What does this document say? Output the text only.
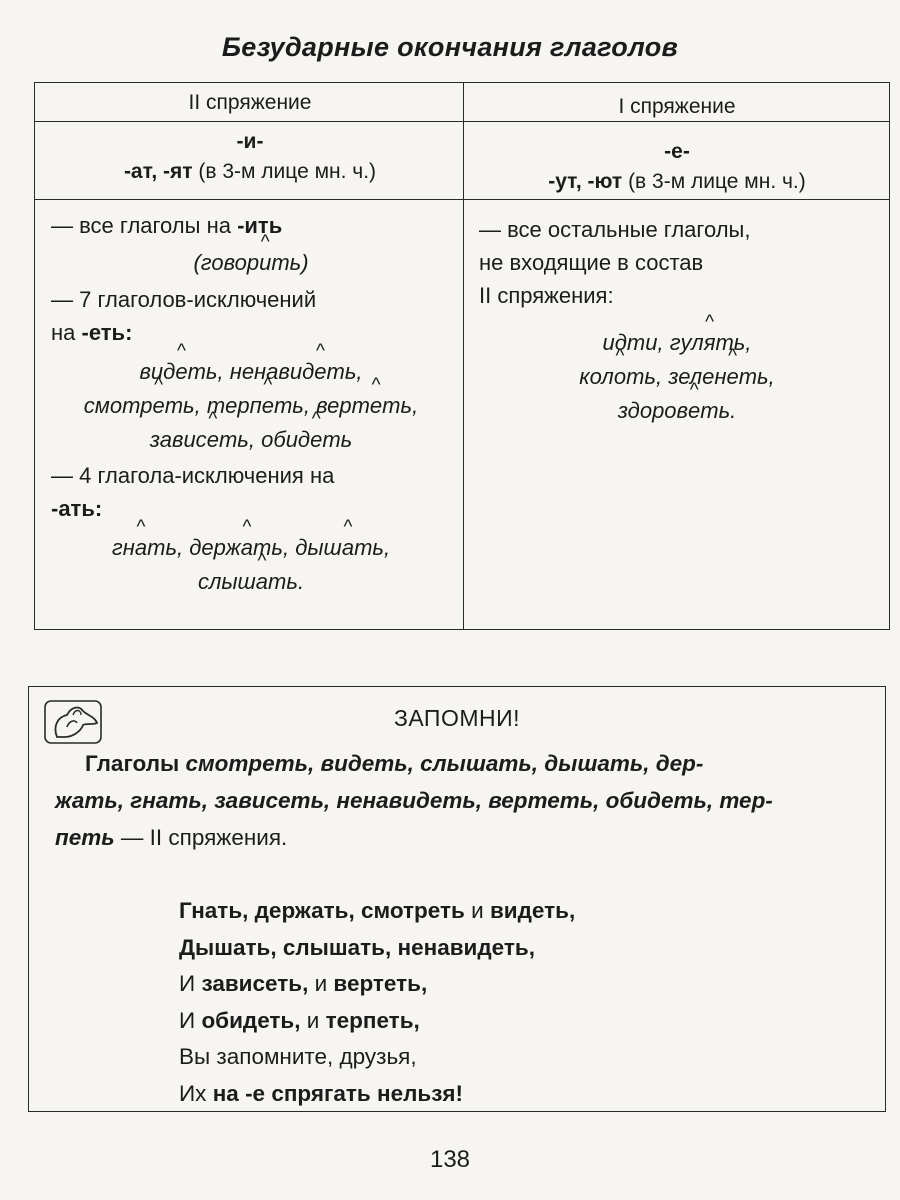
Безударные окончания глаголов
II спряжение	I спряжение
-и-
-ат, -ят (в 3-м лице мн. ч.)
-е-
-ут, -ют (в 3-м лице мн. ч.)
— все глаголы на -ить
(говор^ ить)
— 7 глаголов-исключений
на -еть:
вид^ еть, ненавид^ еть,
смотр^ еть, терп^ еть, верт^ еть,
завис^ еть, обид^ еть
— 4 глагола-исключения на
-ать:
гн^ ать, держ^ ать, дыш^ ать,
слыш^ ать.
— все остальные глаголы,
не входящие в состав
II спряжения:
идти, гул^ ять,
кол^ оть, зелен^ еть,
здоров^ еть.
ЗАПОМНИ!
Глаголы смотреть, видеть, слышать, дышать, дер-
жать, гнать, зависеть, ненавидеть, вертеть, обидеть, тер-
петь — II спряжения.
Гнать, держать, смотреть и видеть,
Дышать, слышать, ненавидеть,
И зависеть, и вертеть,
И обидеть, и терпеть,
Вы запомните, друзья,
Их на -е спрягать нельзя!
138
